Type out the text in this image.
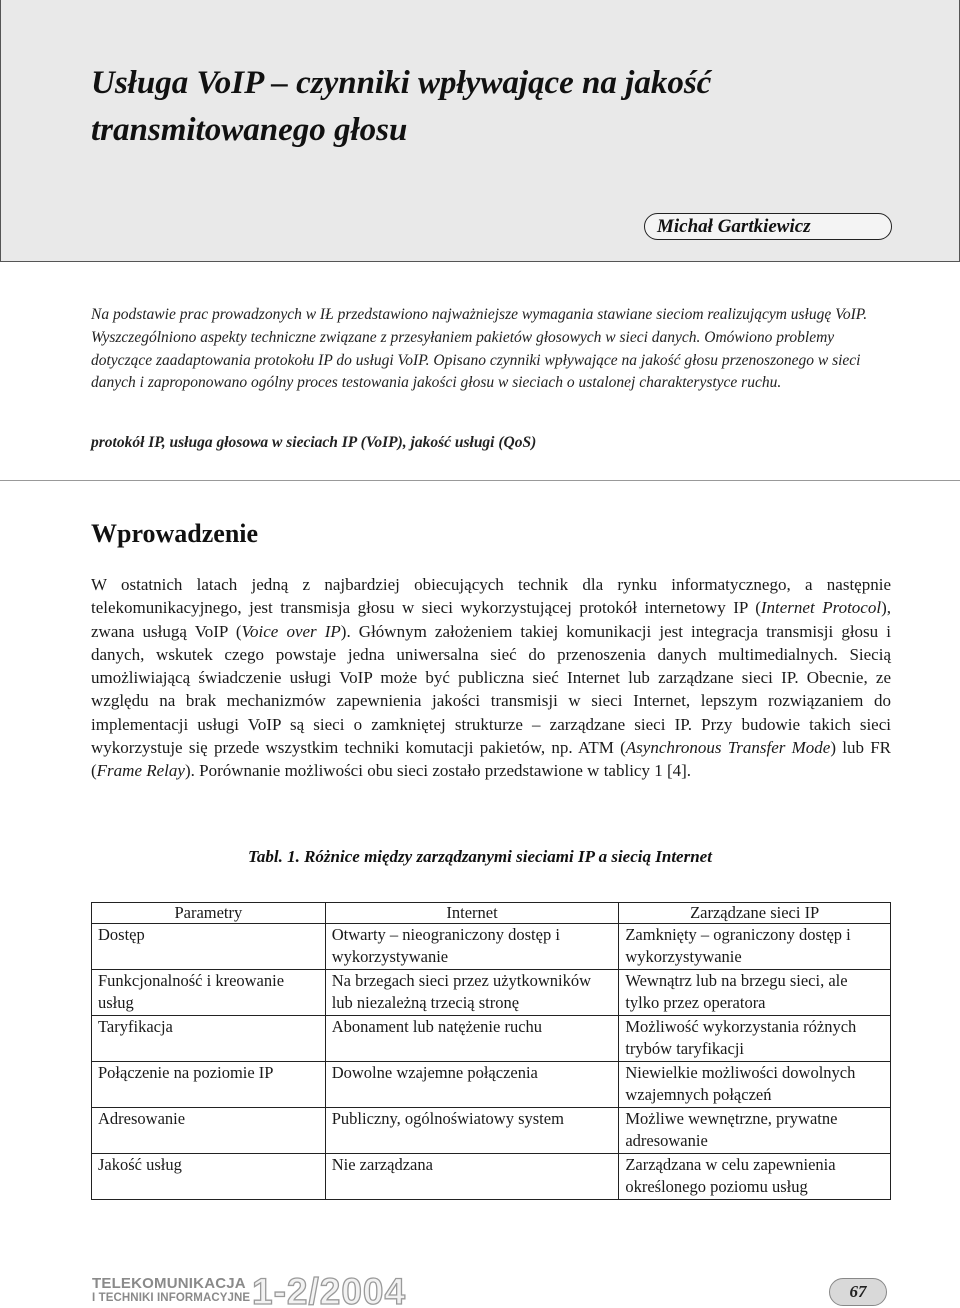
Usługa VoIP – czynniki wpływające na jakość
transmitowanego głosu
Michał Gartkiewicz

Na podstawie prac prowadzonych w IŁ przedstawiono najważniejsze wymagania stawiane sieciom realizującym usługę VoIP. Wyszczególniono aspekty techniczne związane z przesyłaniem pakietów głosowych w sieci danych. Omówiono problemy dotyczące zaadaptowania protokołu IP do usługi VoIP. Opisano czynniki wpływające na jakość głosu przenoszonego w sieci danych i zaproponowano ogólny proces testowania jakości głosu w sieciach o ustalonej charakterystyce ruchu.

protokół IP, usługa głosowa w sieciach IP (VoIP), jakość usługi (QoS)

Wprowadzenie

W ostatnich latach jedną z najbardziej obiecujących technik dla rynku informatycznego, a następnie telekomunikacyjnego, jest transmisja głosu w sieci wykorzystującej protokół internetowy IP (Internet Protocol), zwana usługą VoIP (Voice over IP). Głównym założeniem takiej komunikacji jest integracja transmisji głosu i danych, wskutek czego powstaje jedna uniwersalna sieć do przenoszenia danych multimedialnych. Siecią umożliwiającą świadczenie usługi VoIP może być publiczna sieć Internet lub zarządzane sieci IP. Obecnie, ze względu na brak mechanizmów zapewnienia jakości transmisji w sieci Internet, lepszym rozwiązaniem do implementacji usługi VoIP są sieci o zamkniętej strukturze – zarządzane sieci IP. Przy budowie takich sieci wykorzystuje się przede wszystkim techniki komutacji pakietów, np. ATM (Asynchronous Transfer Mode) lub FR (Frame Relay). Porównanie możliwości obu sieci zostało przedstawione w tablicy 1 [4].

Tabl. 1. Różnice między zarządzanymi sieciami IP a siecią Internet
Parametry	Internet	Zarządzane sieci IP
Dostęp	Otwarty – nieograniczony dostęp i wykorzystywanie	Zamknięty – ograniczony dostęp i wykorzystywanie
Funkcjonalność i kreowanie usług	Na brzegach sieci przez użytkowników lub niezależną trzecią stronę	Wewnątrz lub na brzegu sieci, ale tylko przez operatora
Taryfikacja	Abonament lub natężenie ruchu	Możliwość wykorzystania różnych trybów taryfikacji
Połączenie na poziomie IP	Dowolne wzajemne połączenia	Niewielkie możliwości dowolnych wzajemnych połączeń
Adresowanie	Publiczny, ogólnoświatowy system	Możliwe wewnętrzne, prywatne adresowanie
Jakość usług	Nie zarządzana	Zarządzana w celu zapewnienia określonego poziomu usług
TELEKOMUNIKACJA
I TECHNIKI INFORMACYJNE 1-2/2004	67
